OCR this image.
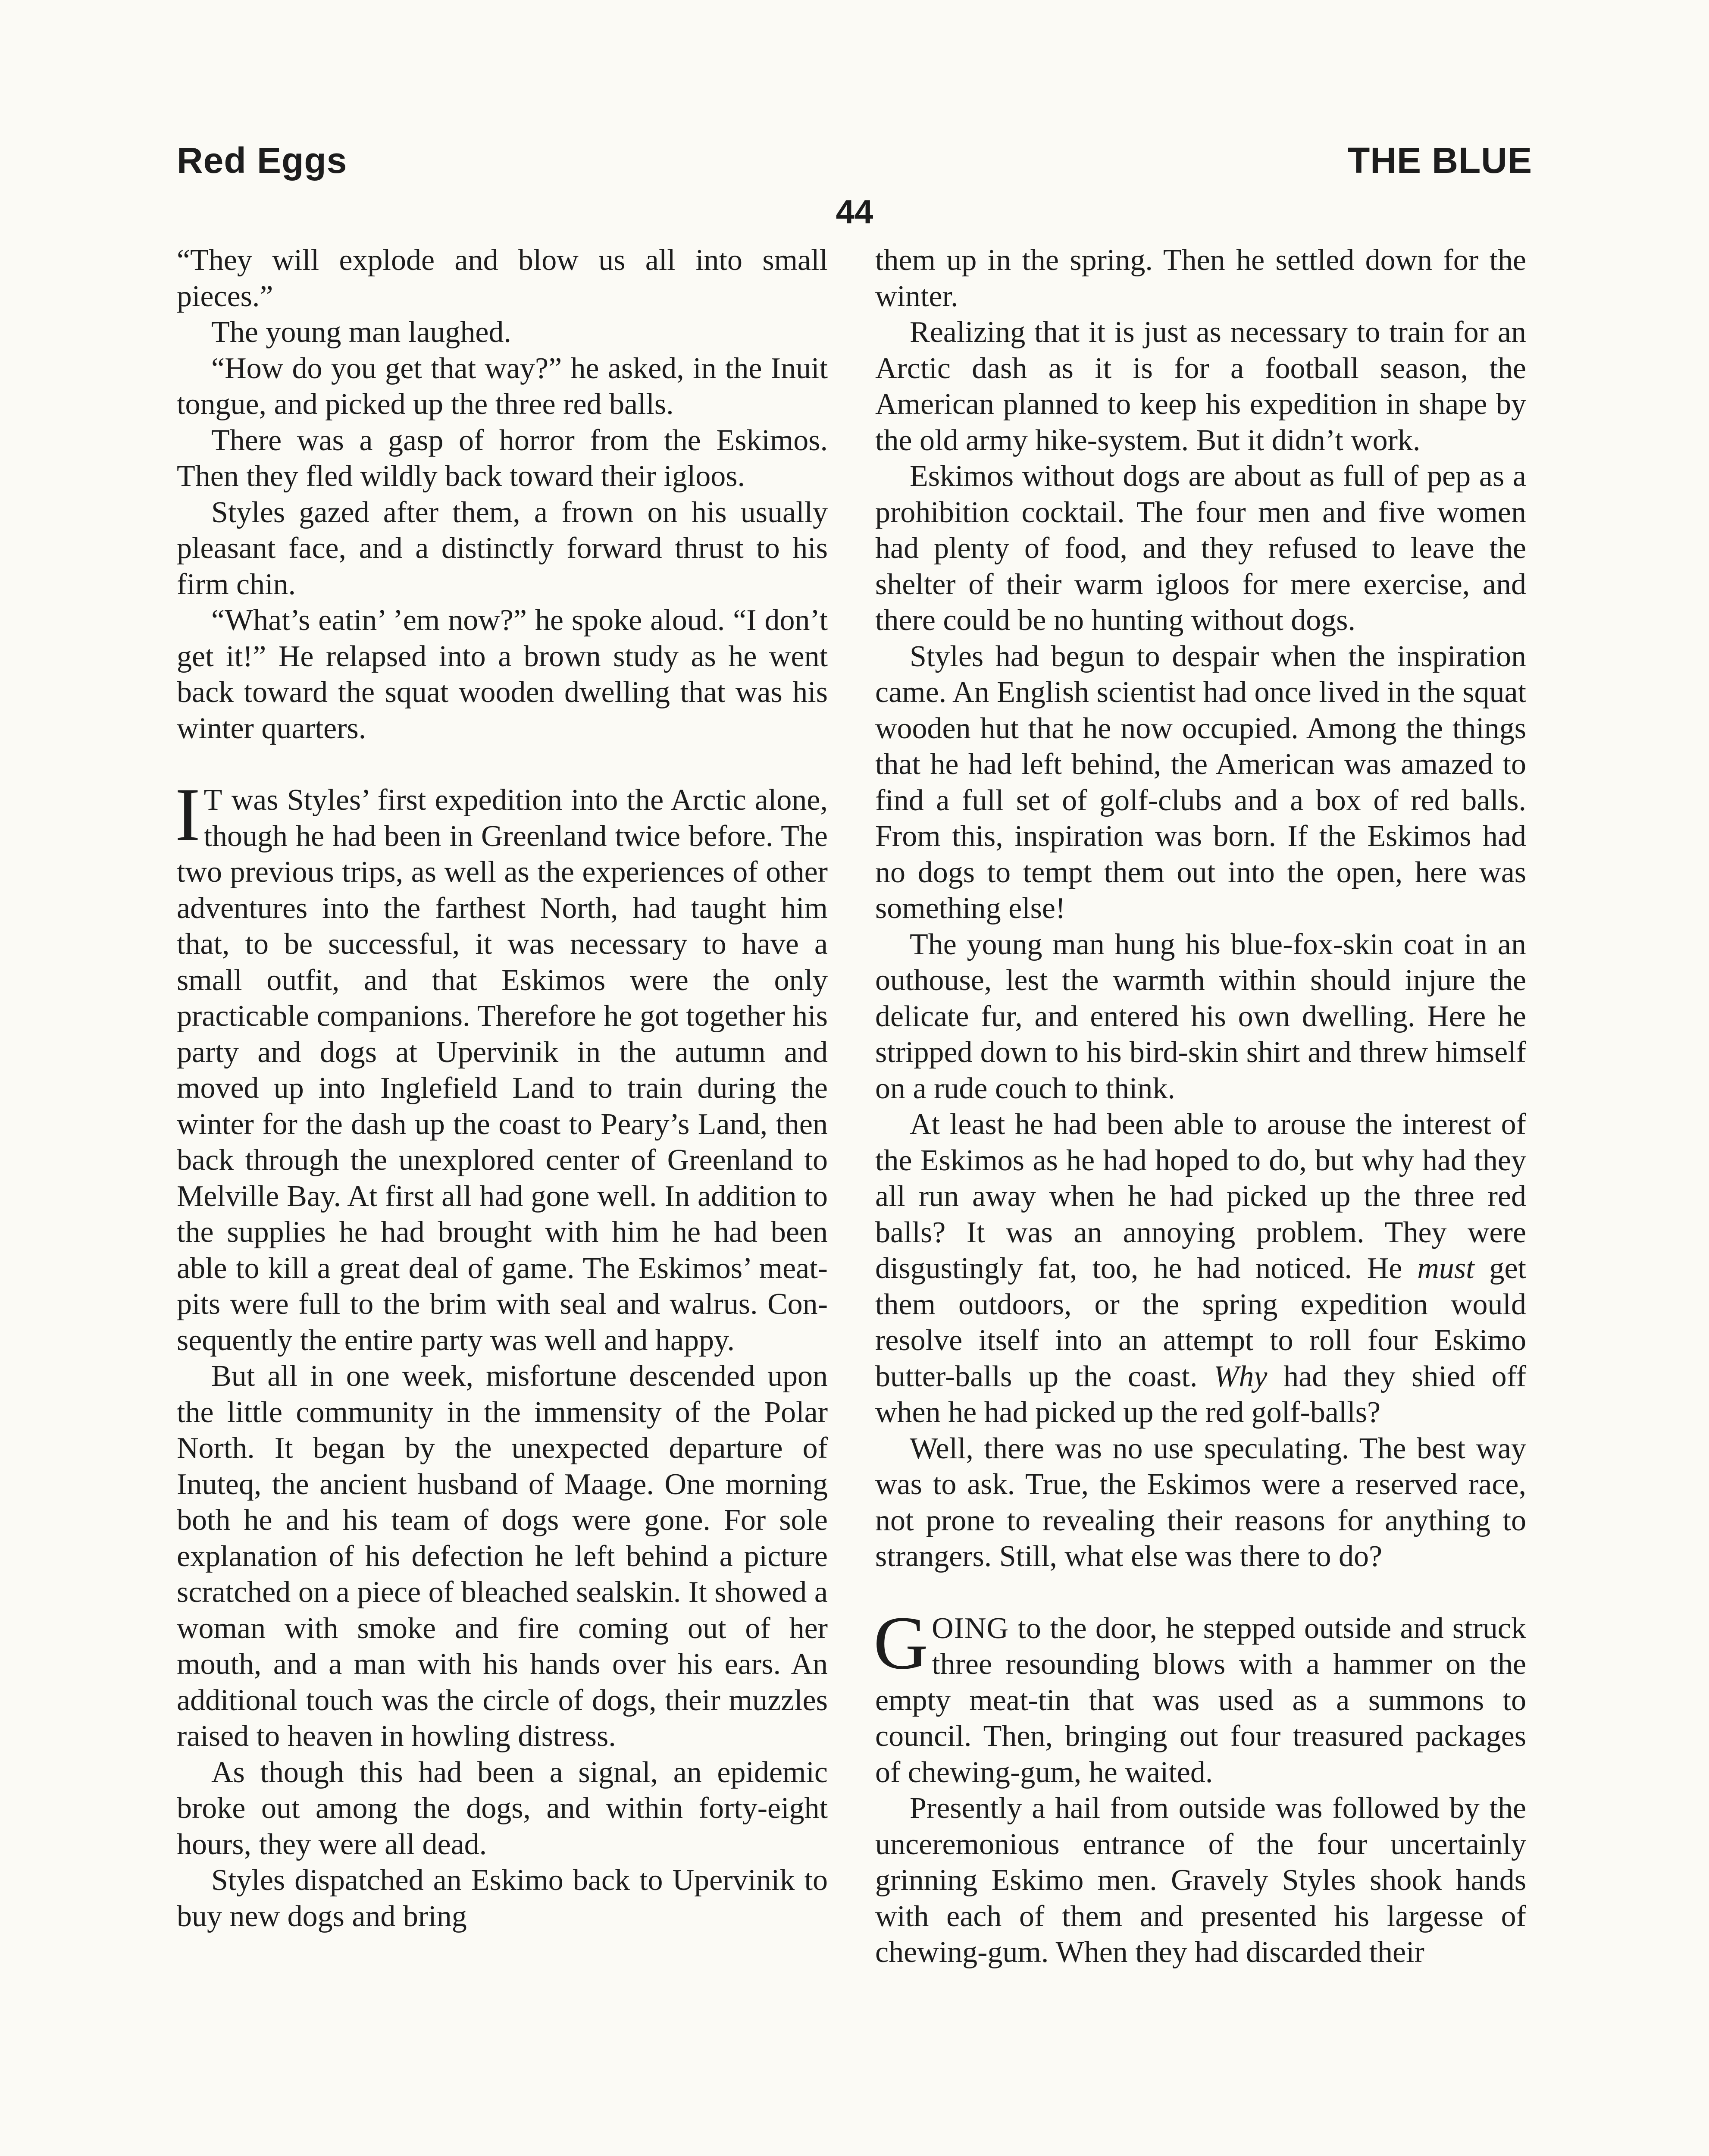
Red Eggs	THE BLUE
44

“They will explode and blow us all into small pieces.”

The young man laughed.

“How do you get that way?” he asked, in the Inuit tongue, and picked up the three red balls.

There was a gasp of horror from the Eskimos. Then they fled wildly back toward their igloos.

Styles gazed after them, a frown on his usually pleasant face, and a distinctly forward thrust to his firm chin.

“What’s eatin’ ’em now?” he spoke aloud. “I don’t get it!” He relapsed into a brown study as he went back toward the squat wooden dwelling that was his winter quarters.

I T was Styles’ first expedition into the Arctic alone, though he had been in Greenland twice before. The two previous trips, as well as the experiences of other adventures into the farthest North, had taught him that, to be successful, it was necessary to have a small outfit, and that Eskimos were the only practicable companions. Therefore he got together his party and dogs at Upervinik in the autumn and moved up into Inglefield Land to train during the winter for the dash up the coast to Peary’s Land, then back through the unexplored center of Greenland to Melville Bay. At first all had gone well. In addition to the supplies he had brought with him he had been able to kill a great deal of game. The Eskimos’ meat-pits were full to the brim with seal and walrus. Consequently the entire party was well and happy.

But all in one week, misfortune descended upon the little community in the immensity of the Polar North. It began by the unexpected departure of Inuteq, the ancient husband of Maage. One morning both he and his team of dogs were gone. For sole explanation of his defection he left behind a picture scratched on a piece of bleached sealskin. It showed a woman with smoke and fire coming out of her mouth, and a man with his hands over his ears. An additional touch was the circle of dogs, their muzzles raised to heaven in howling distress.

As though this had been a signal, an epidemic broke out among the dogs, and within forty-eight hours, they were all dead.

Styles dispatched an Eskimo back to Upervinik to buy new dogs and bring

them up in the spring. Then he settled down for the winter.

Realizing that it is just as necessary to train for an Arctic dash as it is for a football season, the American planned to keep his expedition in shape by the old army hike-system. But it didn’t work.

Eskimos without dogs are about as full of pep as a prohibition cocktail. The four men and five women had plenty of food, and they refused to leave the shelter of their warm igloos for mere exercise, and there could be no hunting without dogs.

Styles had begun to despair when the inspiration came. An English scientist had once lived in the squat wooden hut that he now occupied. Among the things that he had left behind, the American was amazed to find a full set of golf-clubs and a box of red balls. From this, inspiration was born. If the Eskimos had no dogs to tempt them out into the open, here was something else!

The young man hung his blue-fox-skin coat in an outhouse, lest the warmth within should injure the delicate fur, and entered his own dwelling. Here he stripped down to his bird-skin shirt and threw himself on a rude couch to think.

At least he had been able to arouse the interest of the Eskimos as he had hoped to do, but why had they all run away when he had picked up the three red balls? It was an annoying problem. They were disgustingly fat, too, he had noticed. He must get them outdoors, or the spring expedition would resolve itself into an attempt to roll four Eskimo butter-balls up the coast. Why had they shied off when he had picked up the red golf-balls?

Well, there was no use speculating. The best way was to ask. True, the Eskimos were a reserved race, not prone to revealing their reasons for anything to strangers. Still, what else was there to do?

GOING to the door, he stepped outside and struck three resounding blows with a hammer on the empty meat-tin that was used as a summons to council. Then, bringing out four treasured packages of chewing-gum, he waited.

Presently a hail from outside was followed by the unceremonious entrance of the four uncertainly grinning Eskimo men. Gravely Styles shook hands with each of them and presented his largesse of chewing-gum. When they had discarded their
